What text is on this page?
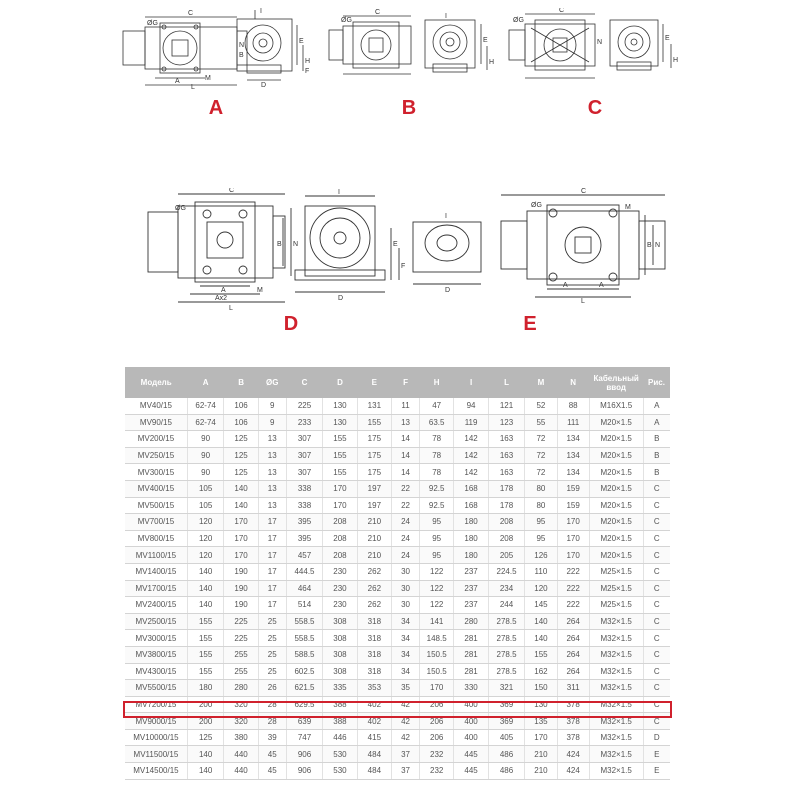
ØG
C
A	M
L
N
B
I
E
H
D
F
A
ØG
C
I
E
H
B
ØG
C
N
E
H
C
ØG
C
A
Ax2
M
L
N
B
I
E
F
D
I
D
D
ØG
C
M
A	A
L
B N
E
Модель	A	B	ØG	C	D	E	F	H	I	L	M	N	Кабельный ввод	Рис.
MV40/15	62-74	106	9	225	130	131	11	47	94	121	52	88	M16X1.5	A
MV90/15	62-74	106	9	233	130	155	13	63.5	119	123	55	111	M20×1.5	A
MV200/15	90	125	13	307	155	175	14	78	142	163	72	134	M20×1.5	B
MV250/15	90	125	13	307	155	175	14	78	142	163	72	134	M20×1.5	B
MV300/15	90	125	13	307	155	175	14	78	142	163	72	134	M20×1.5	B
MV400/15	105	140	13	338	170	197	22	92.5	168	178	80	159	M20×1.5	C
MV500/15	105	140	13	338	170	197	22	92.5	168	178	80	159	M20×1.5	C
MV700/15	120	170	17	395	208	210	24	95	180	208	95	170	M20×1.5	C
MV800/15	120	170	17	395	208	210	24	95	180	208	95	170	M20×1.5	C
MV1100/15	120	170	17	457	208	210	24	95	180	205	126	170	M20×1.5	C
MV1400/15	140	190	17	444.5	230	262	30	122	237	224.5	110	222	M25×1.5	C
MV1700/15	140	190	17	464	230	262	30	122	237	234	120	222	M25×1.5	C
MV2400/15	140	190	17	514	230	262	30	122	237	244	145	222	M25×1.5	C
MV2500/15	155	225	25	558.5	308	318	34	141	280	278.5	140	264	M32×1.5	C
MV3000/15	155	225	25	558.5	308	318	34	148.5	281	278.5	140	264	M32×1.5	C
MV3800/15	155	255	25	588.5	308	318	34	150.5	281	278.5	155	264	M32×1.5	C
MV4300/15	155	255	25	602.5	308	318	34	150.5	281	278.5	162	264	M32×1.5	C
MV5500/15	180	280	26	621.5	335	353	35	170	330	321	150	311	M32×1.5	C
MV7200/15	200	320	28	629.5	388	402	42	206	400	369	130	378	M32×1.5	C
MV9000/15	200	320	28	639	388	402	42	206	400	369	135	378	M32×1.5	C
MV10000/15	125	380	39	747	446	415	42	206	400	405	170	378	M32×1.5	D
MV11500/15	140	440	45	906	530	484	37	232	445	486	210	424	M32×1.5	E
MV14500/15	140	440	45	906	530	484	37	232	445	486	210	424	M32×1.5	E
